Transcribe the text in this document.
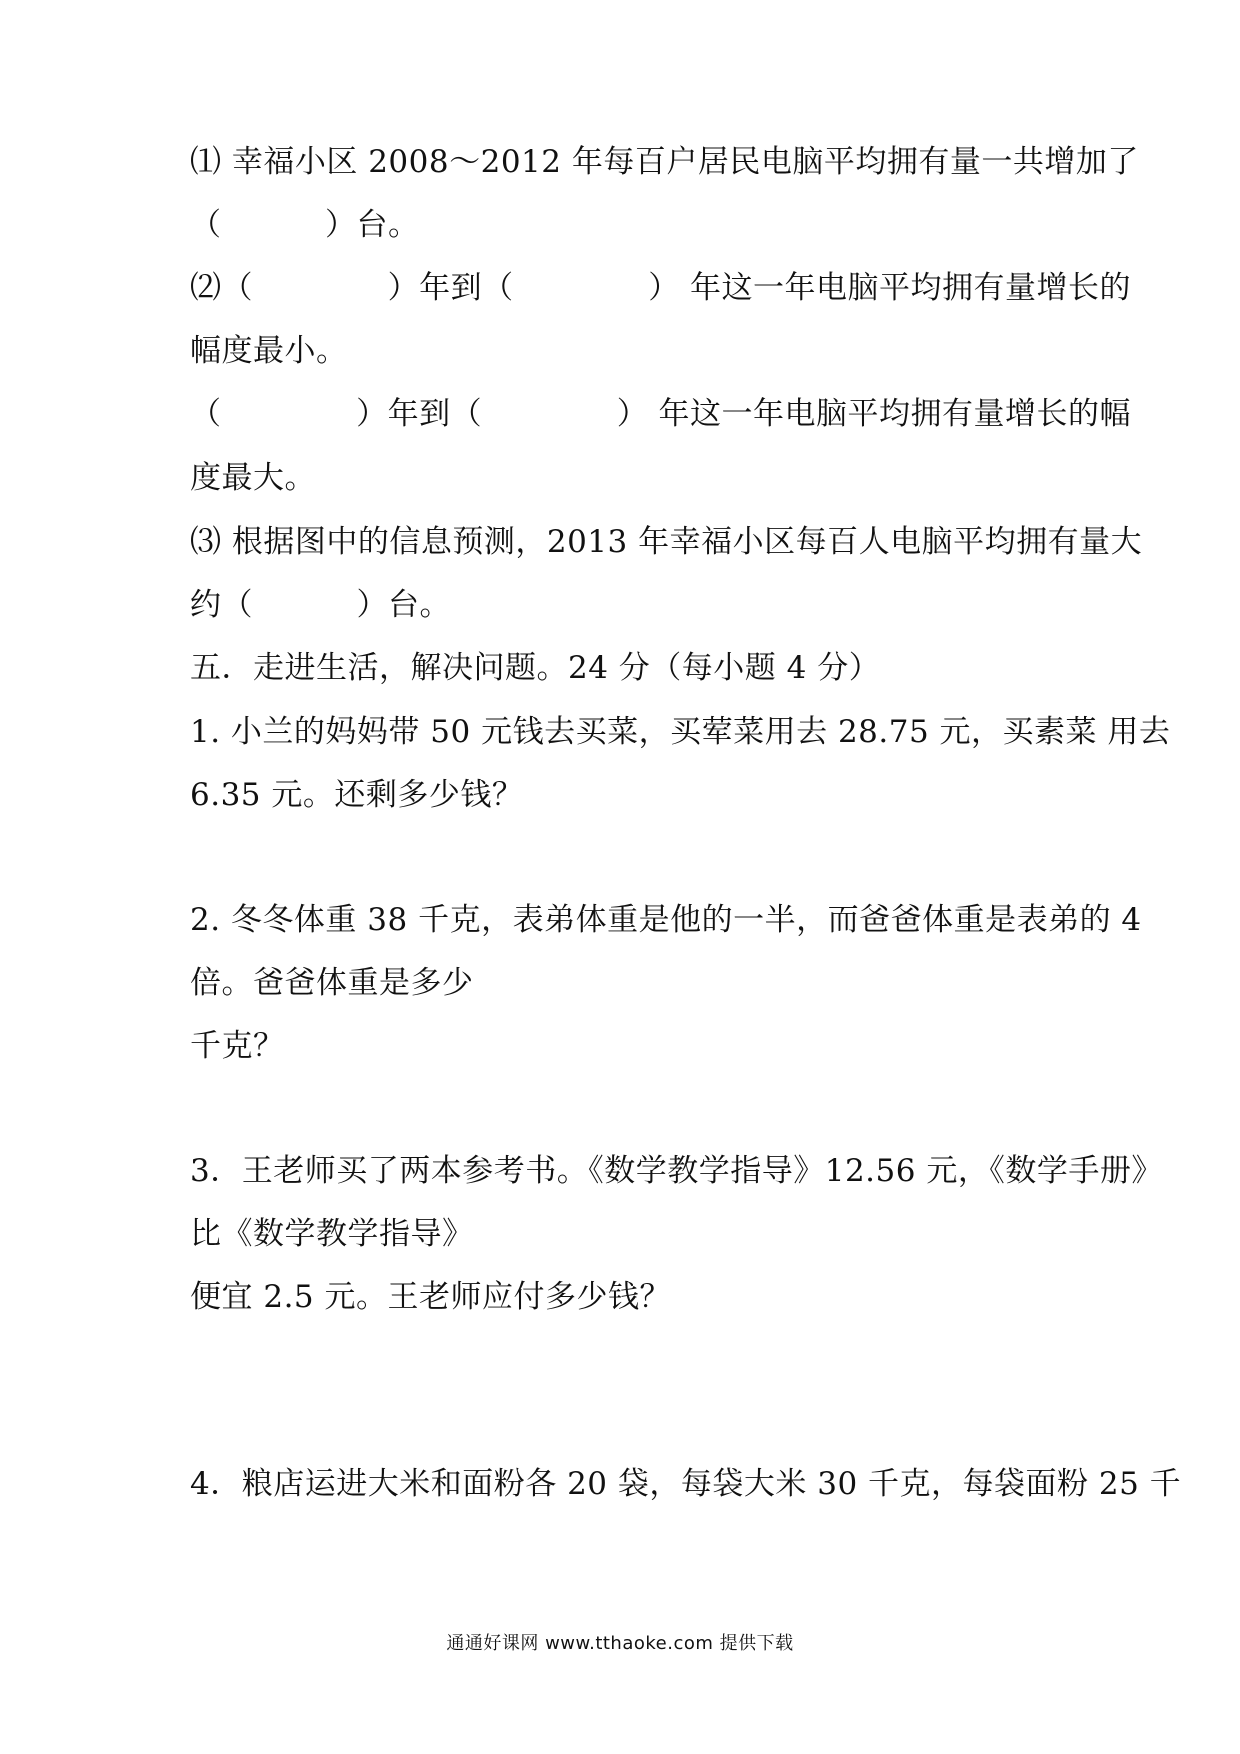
⑴ 幸福小区 2008～2012 年每百户居民电脑平均拥有量一共增加了
（          ）台。
⑵（             ）年到（             ） 年这一年电脑平均拥有量增长的
幅度最小。
（             ）年到（             ） 年这一年电脑平均拥有量增长的幅
度最大。
⑶ 根据图中的信息预测，2013 年幸福小区每百人电脑平均拥有量大
约（          ）台。
五．走进生活，解决问题。24 分（每小题 4 分）
1. 小兰的妈妈带 50 元钱去买菜，买荤菜用去 28.75 元，买素菜 用去
6.35 元。还剩多少钱？
2. 冬冬体重 38 千克，表弟体重是他的一半，而爸爸体重是表弟的 4
倍。爸爸体重是多少
千克？
3．王老师买了两本参考书。《数学教学指导》12.56 元，《数学手册》
比《数学教学指导》
便宜 2.5 元。王老师应付多少钱？
4．粮店运进大米和面粉各 20 袋，每袋大米 30 千克，每袋面粉 25 千
通通好课网 www.tthaoke.com 提供下载
